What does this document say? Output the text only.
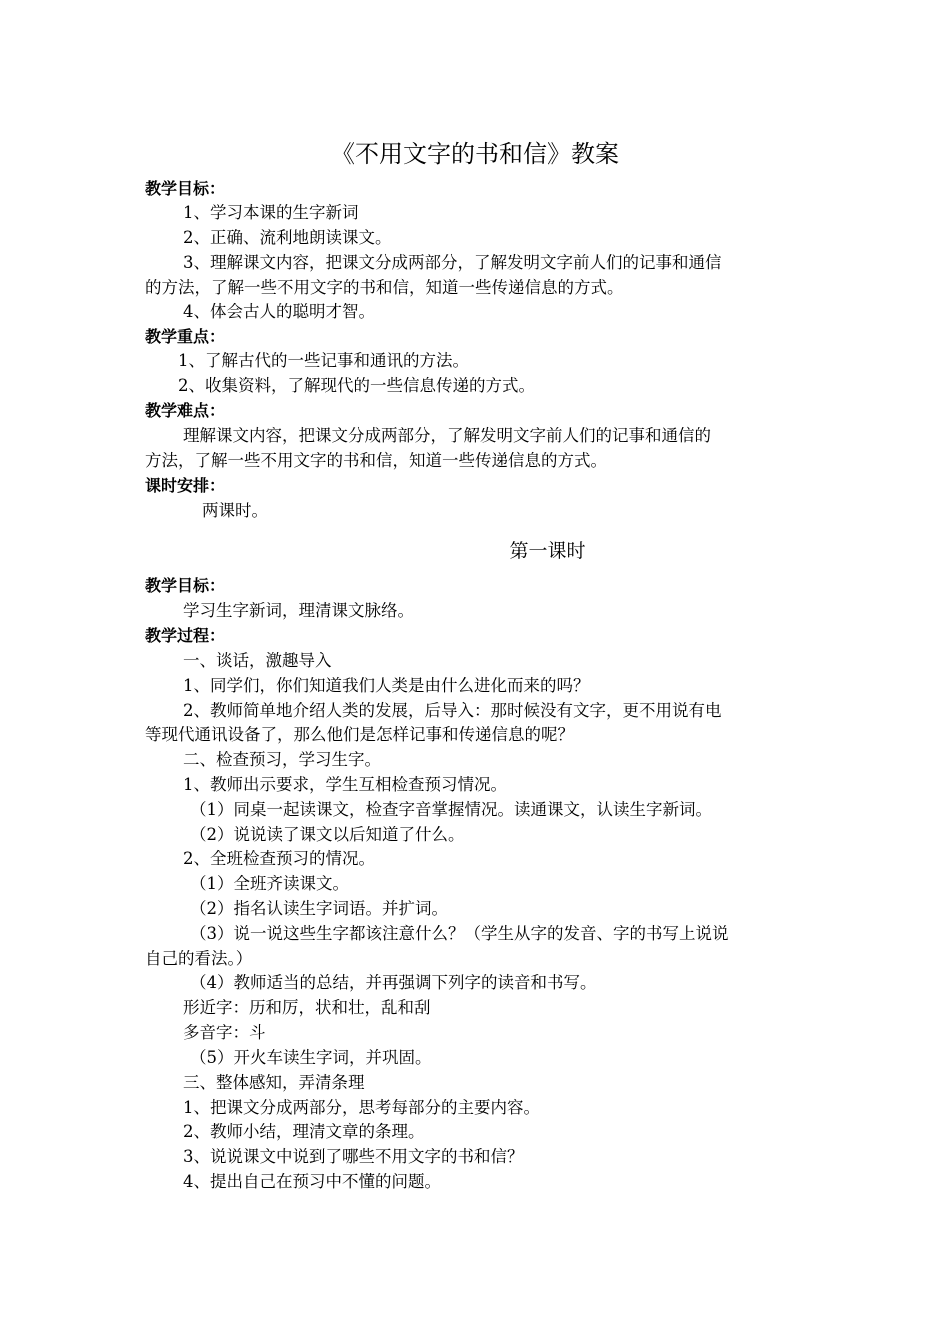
《不用文字的书和信》教案
教学目标：
1、学习本课的生字新词
2、正确、流利地朗读课文。
3、理解课文内容，把课文分成两部分，了解发明文字前人们的记事和通信
的方法，了解一些不用文字的书和信，知道一些传递信息的方式。
4、体会古人的聪明才智。
教学重点：
1、了解古代的一些记事和通讯的方法。
2、收集资料，了解现代的一些信息传递的方式。
教学难点：
理解课文内容，把课文分成两部分，了解发明文字前人们的记事和通信的
方法，了解一些不用文字的书和信，知道一些传递信息的方式。
课时安排：
两课时。
第一课时
教学目标：
学习生字新词，理清课文脉络。
教学过程：
一、谈话，激趣导入
1、同学们，你们知道我们人类是由什么进化而来的吗？
2、教师简单地介绍人类的发展，后导入：那时候没有文字，更不用说有电
等现代通讯设备了，那么他们是怎样记事和传递信息的呢？
二、检查预习，学习生字。
1、教师出示要求，学生互相检查预习情况。
（1）同桌一起读课文，检查字音掌握情况。读通课文，认读生字新词。
（2）说说读了课文以后知道了什么。
2、全班检查预习的情况。
（1）全班齐读课文。
（2）指名认读生字词语。并扩词。
（3）说一说这些生字都该注意什么？（学生从字的发音、字的书写上说说
自己的看法。）
（4）教师适当的总结，并再强调下列字的读音和书写。
形近字：历和厉，状和壮，乱和刮
多音字：斗
（5）开火车读生字词，并巩固。
三、整体感知，弄清条理
1、把课文分成两部分，思考每部分的主要内容。
2、教师小结，理清文章的条理。
3、说说课文中说到了哪些不用文字的书和信？
4、提出自己在预习中不懂的问题。
